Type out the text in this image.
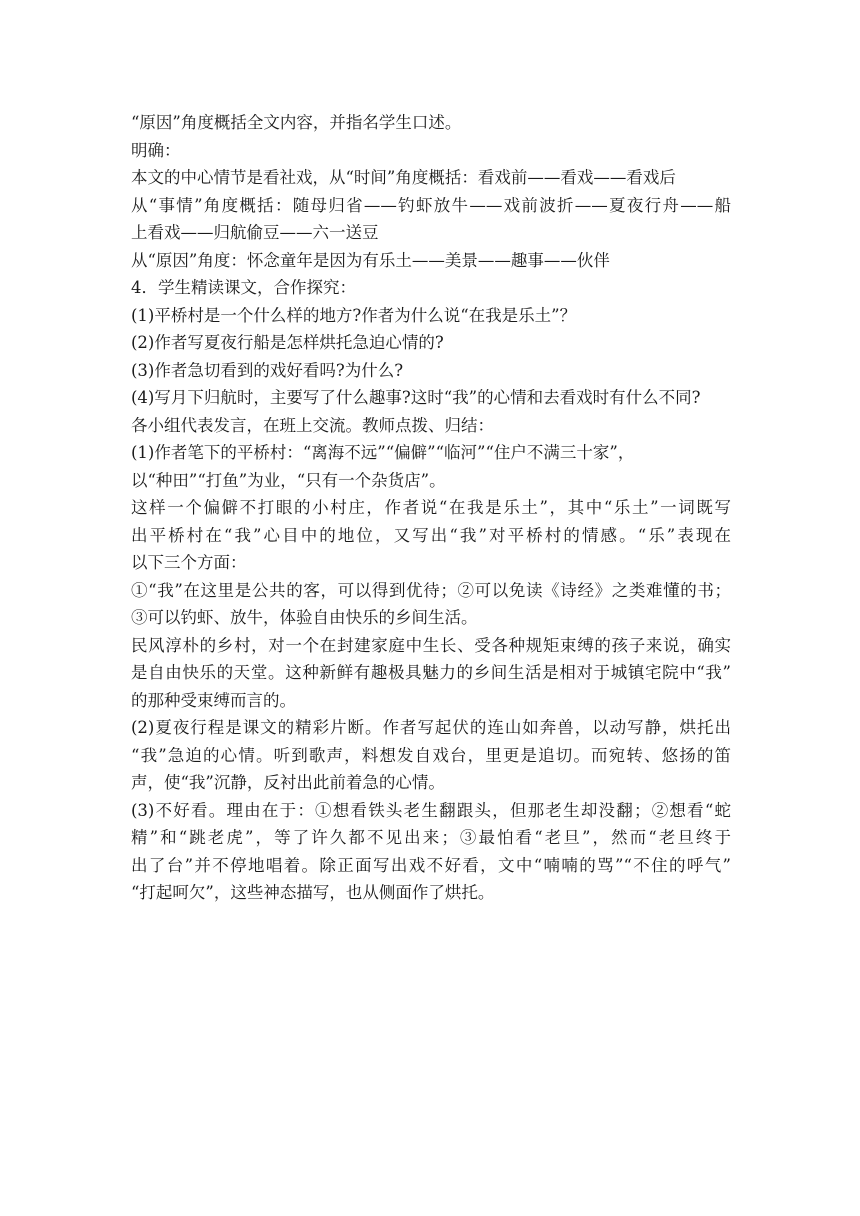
“原因”角度概括全文内容，并指名学生口述。

明确：

本文的中心情节是看社戏，从“时间”角度概括：看戏前——看戏——看戏后

从“事情”角度概括：随母归省——钓虾放牛——戏前波折——夏夜行舟——船

上看戏——归航偷豆——六一送豆

从“原因”角度：怀念童年是因为有乐土——美景——趣事——伙伴

4．学生精读课文，合作探究：

(1)平桥村是一个什么样的地方?作者为什么说“在我是乐土”？

(2)作者写夏夜行船是怎样烘托急迫心情的?

(3)作者急切看到的戏好看吗?为什么?

(4)写月下归航时，主要写了什么趣事?这时“我”的心情和去看戏时有什么不同?

各小组代表发言，在班上交流。教师点拨、归结：

(1)作者笔下的平桥村：“离海不远”“偏僻”“临河”“住户不满三十家”，

以“种田”“打鱼”为业，“只有一个杂货店”。

这样一个偏僻不打眼的小村庄，作者说“在我是乐土”，其中“乐土”一词既写

出平桥村在“我”心目中的地位，又写出“我”对平桥村的情感。“乐”表现在

以下三个方面：

①“我”在这里是公共的客，可以得到优待；②可以免读《诗经》之类难懂的书；

③可以钓虾、放牛，体验自由快乐的乡间生活。

民风淳朴的乡村，对一个在封建家庭中生长、受各种规矩束缚的孩子来说，确实

是自由快乐的天堂。这种新鲜有趣极具魅力的乡间生活是相对于城镇宅院中“我”

的那种受束缚而言的。

(2)夏夜行程是课文的精彩片断。作者写起伏的连山如奔兽，以动写静，烘托出

“我”急迫的心情。听到歌声，料想发自戏台，里更是追切。而宛转、悠扬的笛

声，使“我”沉静，反衬出此前着急的心情。

(3)不好看。理由在于：①想看铁头老生翻跟头，但那老生却没翻；②想看“蛇

精”和“跳老虎”，等了许久都不见出来；③最怕看“老旦”，然而“老旦终于

出了台”并不停地唱着。除正面写出戏不好看，文中“喃喃的骂”“不住的呼气”

“打起呵欠”，这些神态描写，也从侧面作了烘托。
